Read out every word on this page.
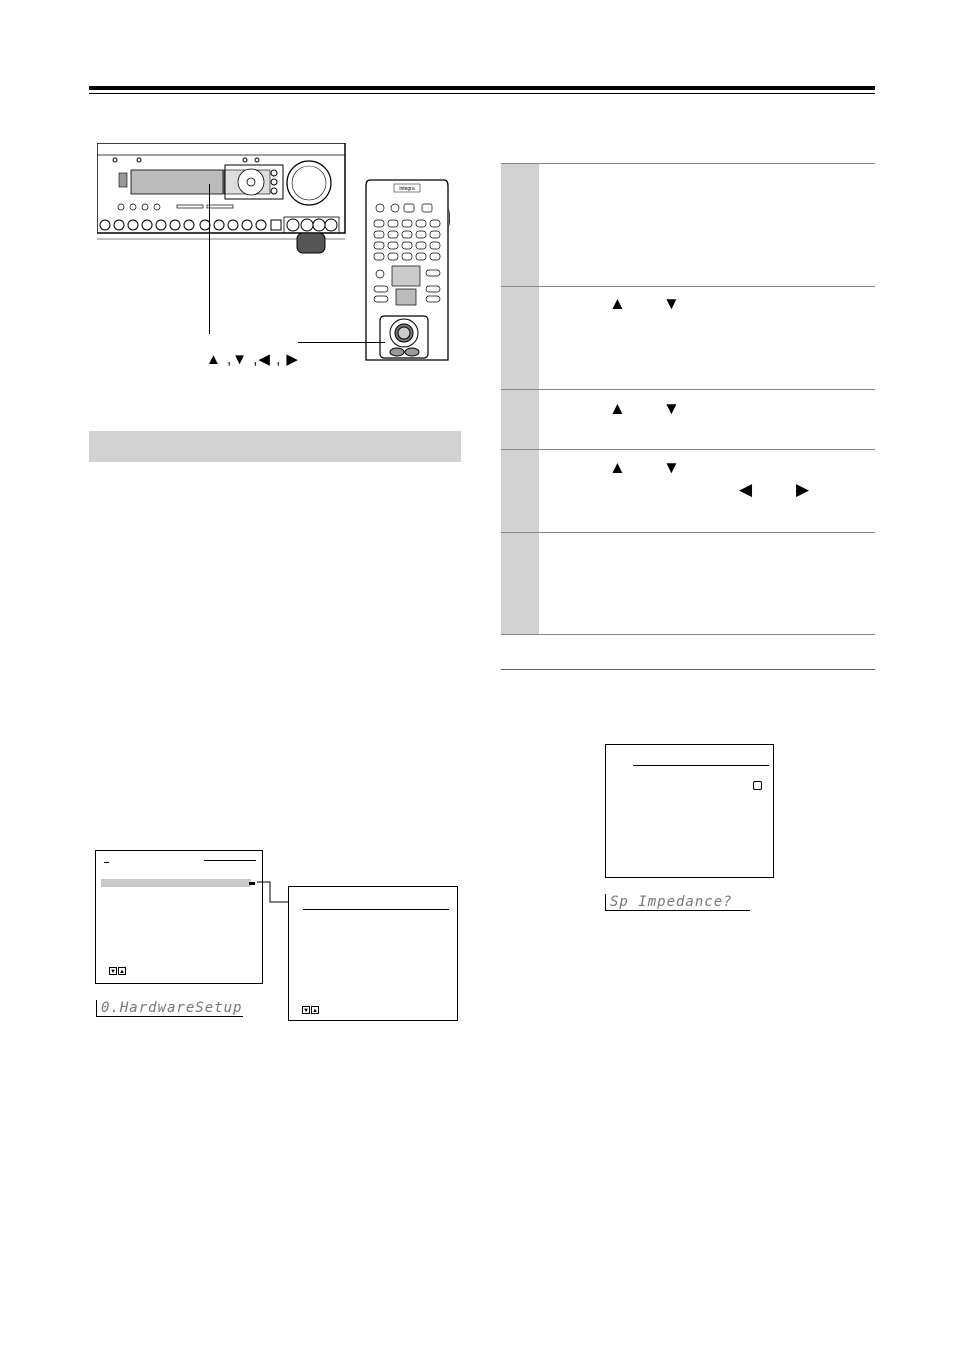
integra
▲ ,▼ ,◀ , ▶
▲ ▼
▲ ▼
▲ ▼
◀	▶
▼ ▲
▼ ▲
0.HardwareSetup
Sp Impedance?
